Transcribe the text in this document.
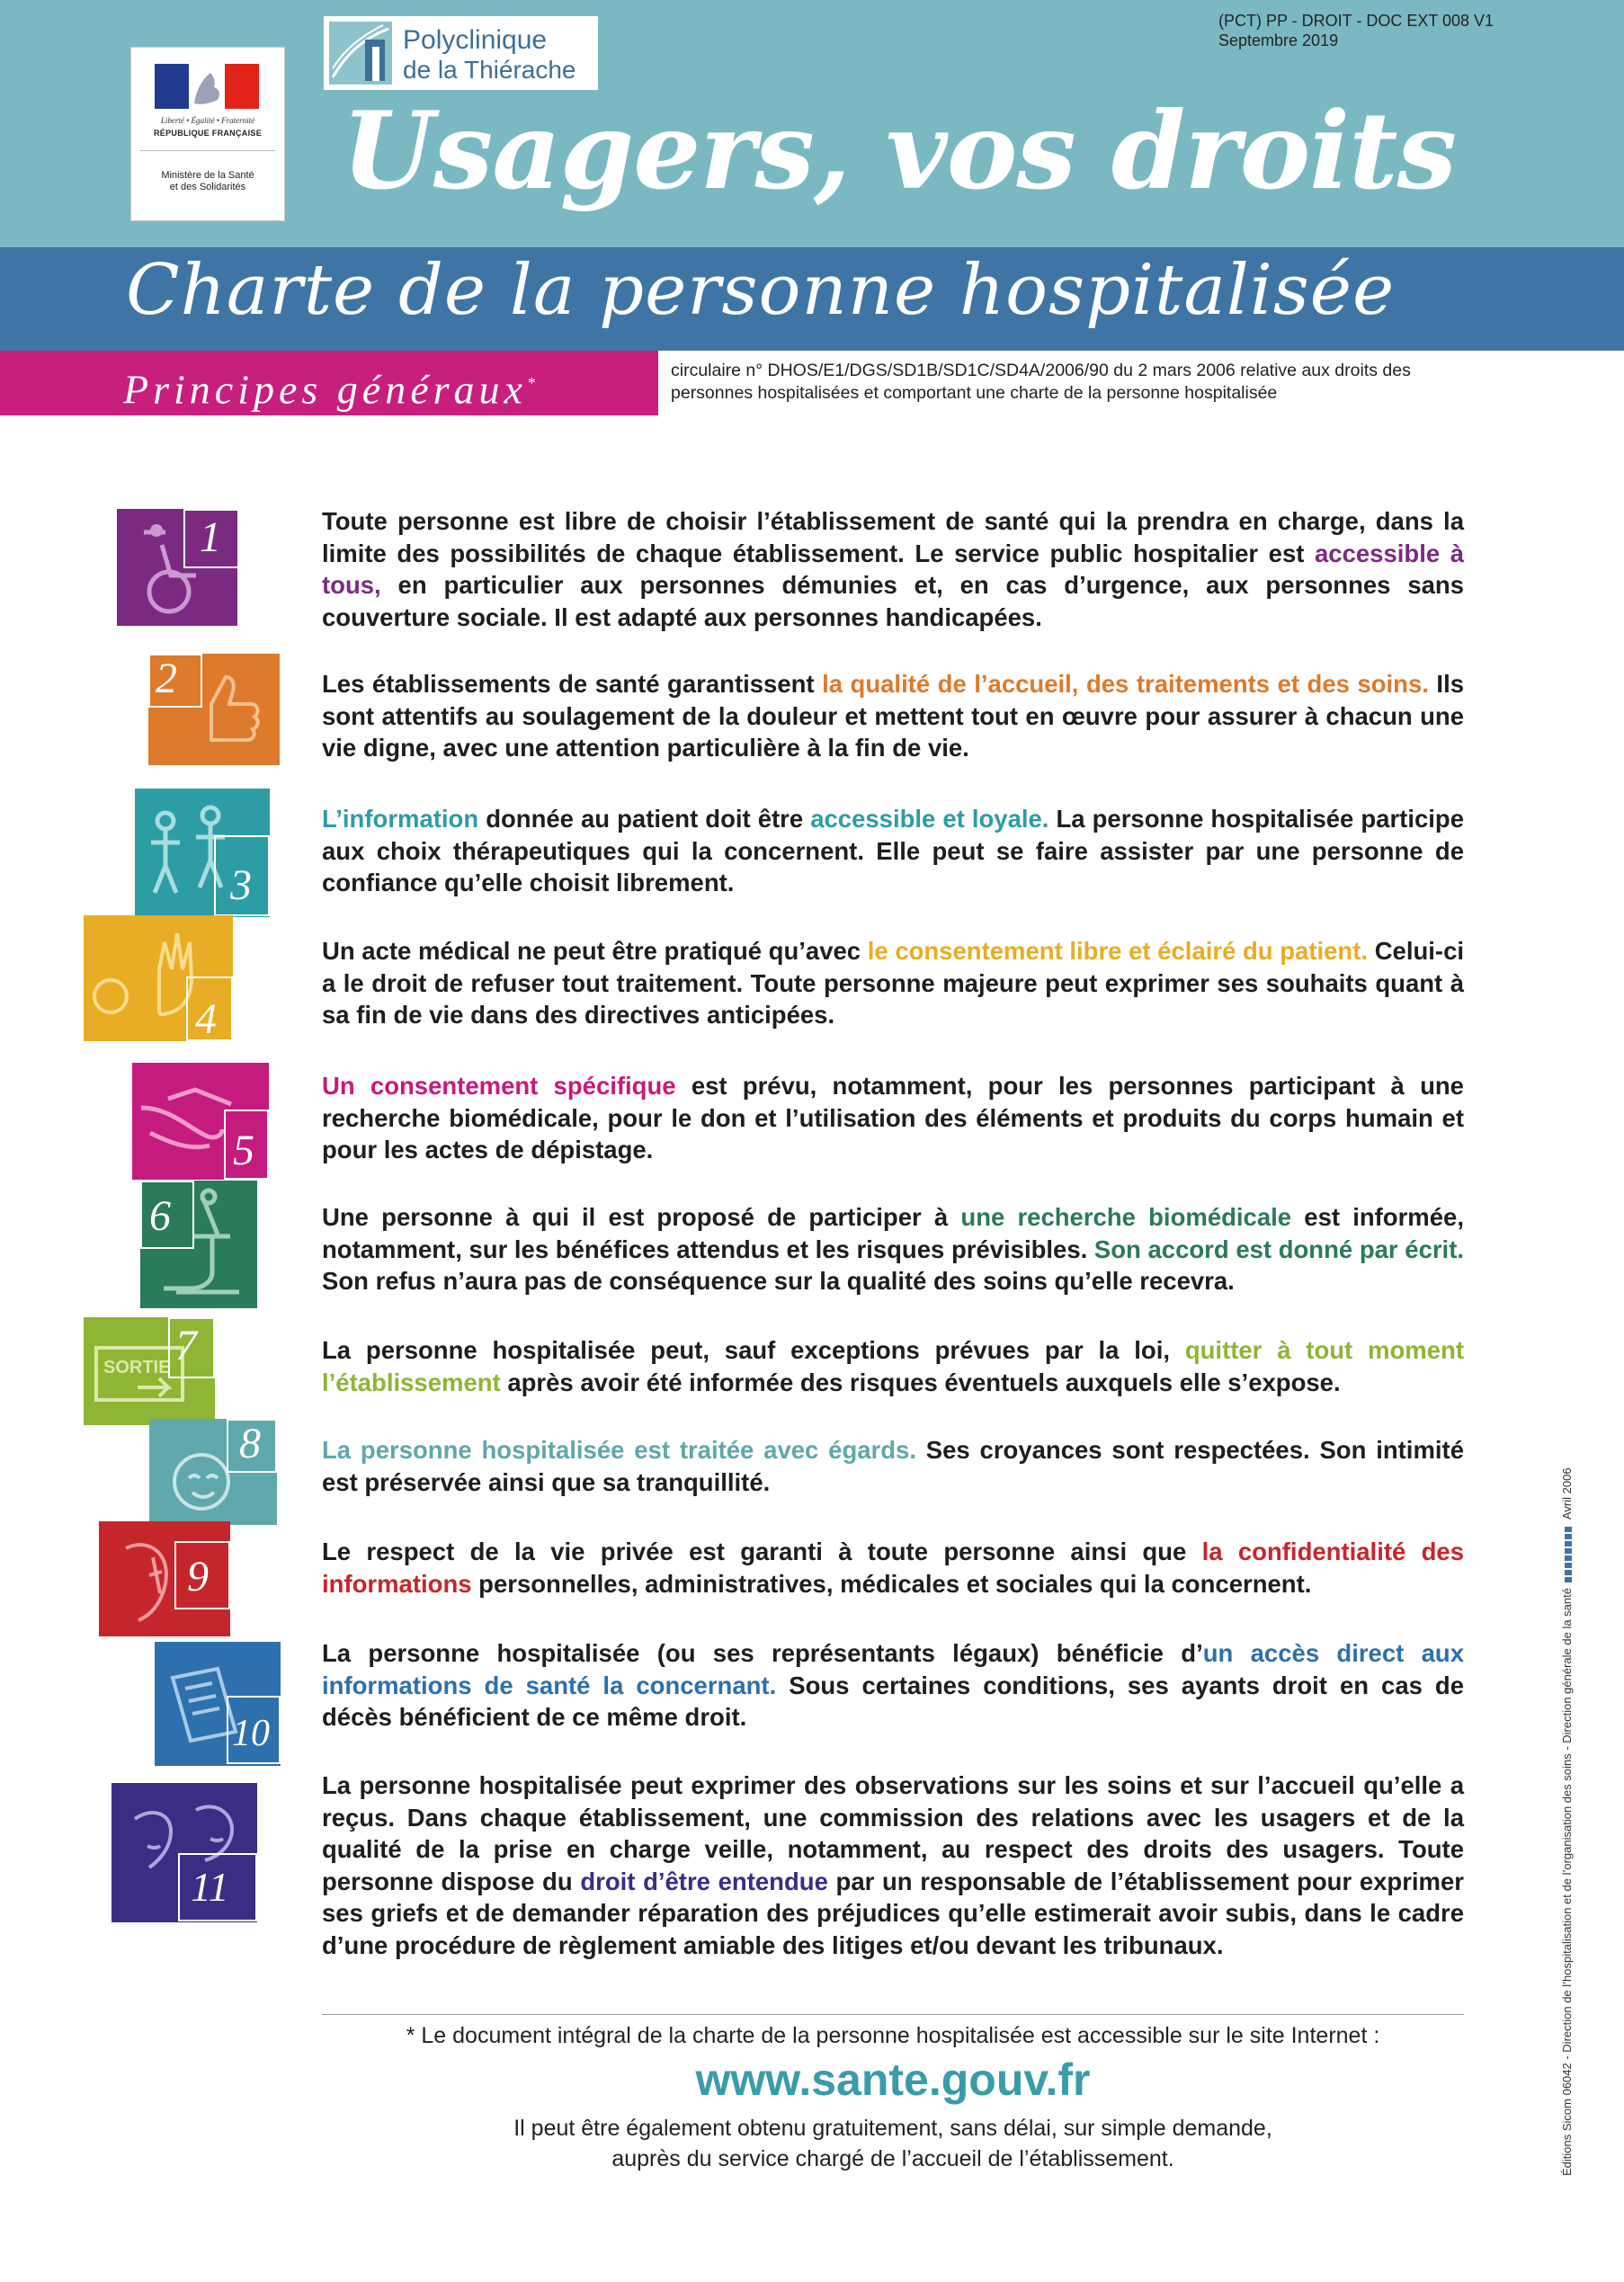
Liberté • Égalité • Fraternité
RÉPUBLIQUE FRANÇAISE
Ministère de la Santé
et des Solidarités
Polyclinique
de la Thiérache
(PCT) PP - DROIT - DOC EXT 008 V1
Septembre 2019
Usagers, vos droits
Charte de la personne hospitalisée
Principes généraux*
circulaire n° DHOS/E1/DGS/SD1B/SD1C/SD4A/2006/90 du 2 mars 2006 relative aux droits des personnes hospitalisées et comportant une charte de la personne hospitalisée
1
2
3
4
5
6
SORTIE 7
8
9
10
11
Toute personne est libre de choisir l’établissement de santé qui la prendra en charge, dans la limite des possibilités de chaque établissement. Le service public hospitalier est accessible à tous, en particulier aux personnes démunies et, en cas d’urgence, aux personnes sans couverture sociale. Il est adapté aux personnes handicapées.
Les établissements de santé garantissent la qualité de l’accueil, des traitements et des soins. Ils sont attentifs au soulagement de la douleur et mettent tout en œuvre pour assurer à chacun une vie digne, avec une attention particulière à la fin de vie.
L’information donnée au patient doit être accessible et loyale. La personne hospitalisée participe aux choix thérapeutiques qui la concernent. Elle peut se faire assister par une personne de confiance qu’elle choisit librement.
Un acte médical ne peut être pratiqué qu’avec le consentement libre et éclairé du patient. Celui-ci a le droit de refuser tout traitement. Toute personne majeure peut exprimer ses souhaits quant à sa fin de vie dans des directives anticipées.
Un consentement spécifique est prévu, notamment, pour les personnes participant à une recherche biomédicale, pour le don et l’utilisation des éléments et produits du corps humain et pour les actes de dépistage.
Une personne à qui il est proposé de participer à une recherche biomédicale est informée, notamment, sur les bénéfices attendus et les risques prévisibles. Son accord est donné par écrit. Son refus n’aura pas de conséquence sur la qualité des soins qu’elle recevra.
La personne hospitalisée peut, sauf exceptions prévues par la loi, quitter à tout moment l’établissement après avoir été informée des risques éventuels auxquels elle s’expose.
La personne hospitalisée est traitée avec égards. Ses croyances sont respectées. Son intimité est préservée ainsi que sa tranquillité.
Le respect de la vie privée est garanti à toute personne ainsi que la confidentialité des informations personnelles, administratives, médicales et sociales qui la concernent.
La personne hospitalisée (ou ses représentants légaux) bénéficie d’un accès direct aux informations de santé la concernant. Sous certaines conditions, ses ayants droit en cas de décès bénéficient de ce même droit.
La personne hospitalisée peut exprimer des observations sur les soins et sur l’accueil qu’elle a reçus. Dans chaque établissement, une commission des relations avec les usagers et de la qualité de la prise en charge veille, notamment, au respect des droits des usagers. Toute personne dispose du droit d’être entendue par un responsable de l’établissement pour exprimer ses griefs et de demander réparation des préjudices qu’elle estimerait avoir subis, dans le cadre d’une procédure de règlement amiable des litiges et/ou devant les tribunaux.
* Le document intégral de la charte de la personne hospitalisée est accessible sur le site Internet :
www.sante.gouv.fr
Il peut être également obtenu gratuitement, sans délai, sur simple demande,
auprès du service chargé de l’accueil de l’établissement.	Éditions Sicom 06042 - Direction de l’hospitalisation et de l’organisation des soins - Direction générale de la santéAvril 2006
